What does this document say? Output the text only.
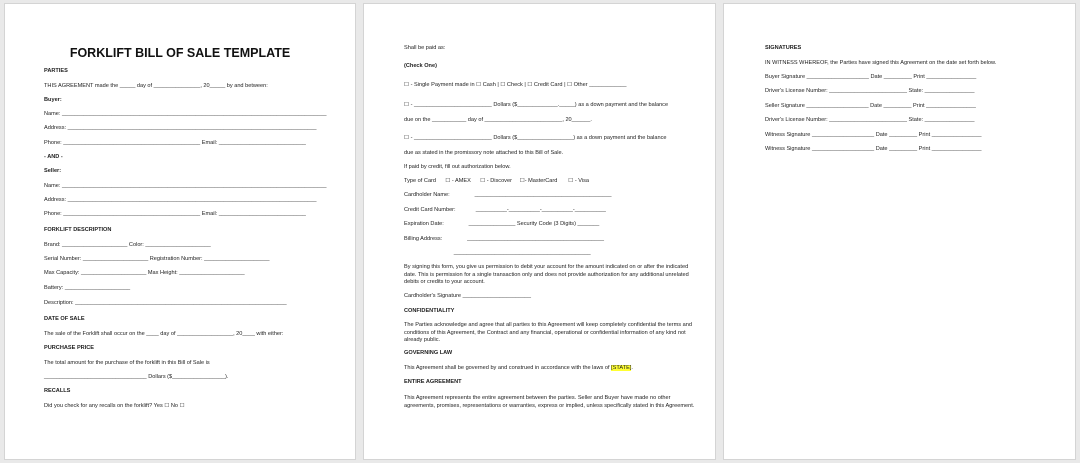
FORKLIFT BILL OF SALE TEMPLATE
PARTIES
THIS AGREEMENT made the _____ day of _______________, 20_____ by and between:
Buyer:
Name: _____________________________________________________________________________________
Address: ________________________________________________________________________________
Phone: ____________________________________________ Email: ____________________________
- AND -
Seller:
Name: _____________________________________________________________________________________
Address: ________________________________________________________________________________
Phone: ____________________________________________ Email: ____________________________
FORKLIFT DESCRIPTION
Brand: _____________________ Color: _____________________
Serial Number: _____________________ Registration Number: _____________________
Max Capacity: _____________________ Max Height: _____________________
Battery: _____________________
Description: ____________________________________________________________________
DATE OF SALE
The sale of the Forklift shall occur on the ____ day of __________________, 20____ with either:
PURCHASE PRICE
The total amount for the purchase of the forklift in this Bill of Sale is
_________________________________ Dollars ($_________________).
RECALLS
Did you check for any recalls on the forklift? Yes ☐ No ☐
Shall be paid as:
(Check One)
☐ - Single Payment made in ☐ Cash | ☐ Check | ☐ Credit Card | ☐ Other ____________
☐ - _________________________ Dollars ($_____________._____) as a down payment and the balance
due on the ___________ day of _________________________, 20______.
☐ - _________________________ Dollars ($__________________) as a down payment and the balance
due as stated in the promissory note attached to this Bill of Sale.
If paid by credit, fill out authorization below.
Type of Card      ☐ - AMEX      ☐ - Discover     ☐- MasterCard       ☐ - Visa
Cardholder Name:                ____________________________________________
Credit Card Number:             __________-__________-__________-__________
Expiration Date:                _______________ Security Code (3 Digits) _______
Billing Address:                ____________________________________________
____________________________________________
By signing this form, you give us permission to debit your account for the amount indicated on or after the indicated date. This is permission for a single transaction only and does not provide authorization for any additional unrelated debits or credits to your account.
Cardholder's Signature ______________________
CONFIDENTIALITY
The Parties acknowledge and agree that all parties to this Agreement will keep completely confidential the terms and conditions of this Agreement, the Contract and any financial, operational or confidential information of any kind not already public.
GOVERNING LAW
This Agreement shall be governed by and construed in accordance with the laws of [STATE].
ENTIRE AGREEMENT
This Agreement represents the entire agreement between the parties. Seller and Buyer have made no other agreements, promises, representations or warranties, express or implied, unless specifically stated in this Agreement.
SIGNATURES
IN WITNESS WHEREOF, the Parties have signed this Agreement on the date set forth below.
Buyer Signature ____________________ Date _________ Print ________________
Driver's License Number: _________________________ State: ________________
Seller Signature ____________________ Date _________ Print ________________
Driver's License Number: _________________________ State: ________________
Witness Signature ____________________ Date _________ Print ________________
Witness Signature ____________________ Date _________ Print ________________
